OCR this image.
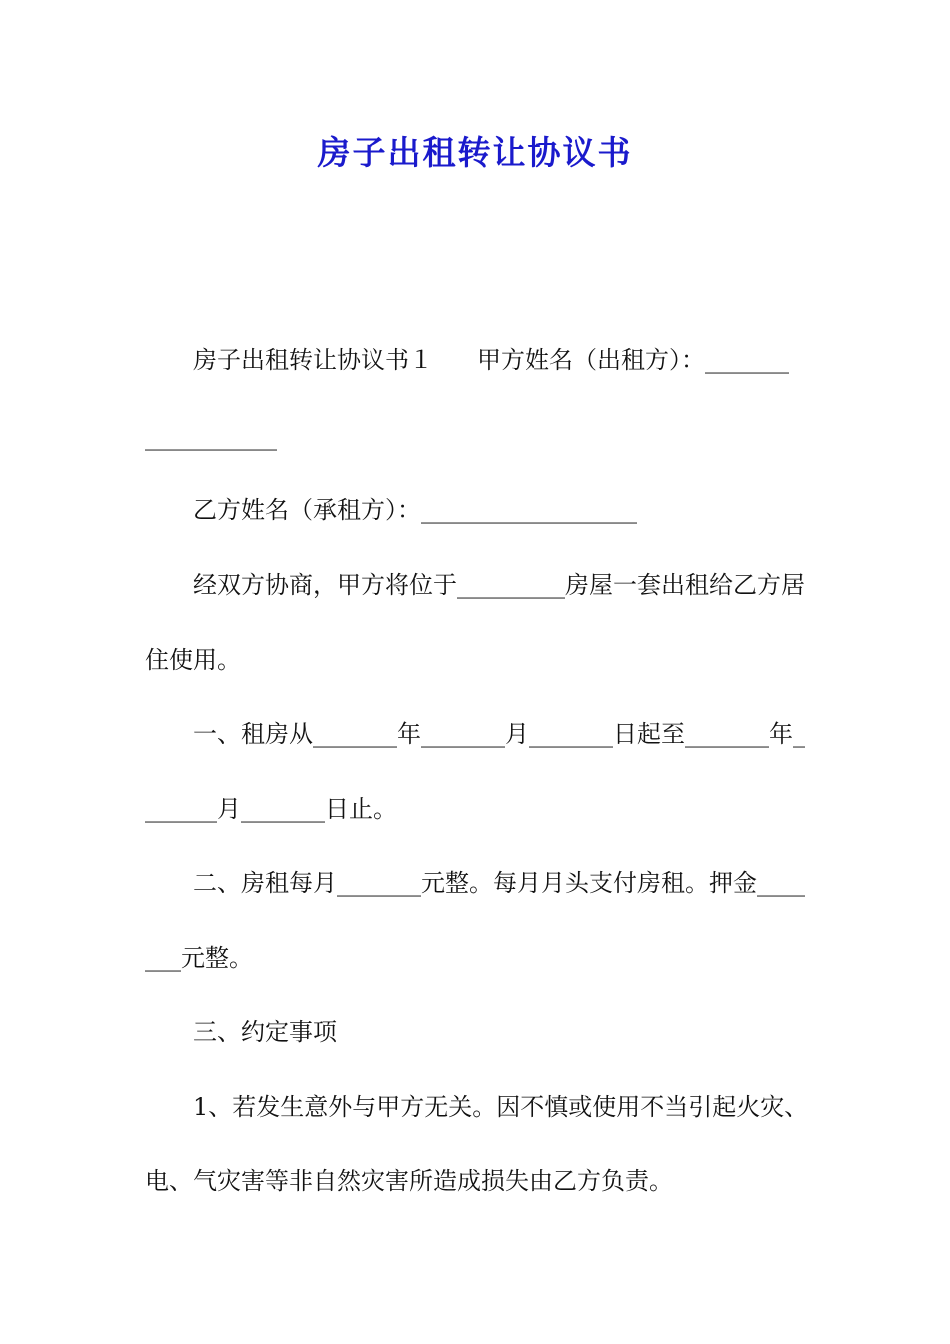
房子出租转让协议书

房子出租转让协议书１ 甲方姓名（出租方）：_______

___________

乙方姓名（承租方）：__________________

经双方协商，甲方将位于_________房屋一套出租给乙方居

住使用。

一、租房从_______年_______月_______日起至_______年_

______月_______日止。

二、房租每月_______元整。每月月头支付房租。押金____

___元整。

三、约定事项

1、若发生意外与甲方无关。因不慎或使用不当引起火灾、

电、气灾害等非自然灾害所造成损失由乙方负责。
